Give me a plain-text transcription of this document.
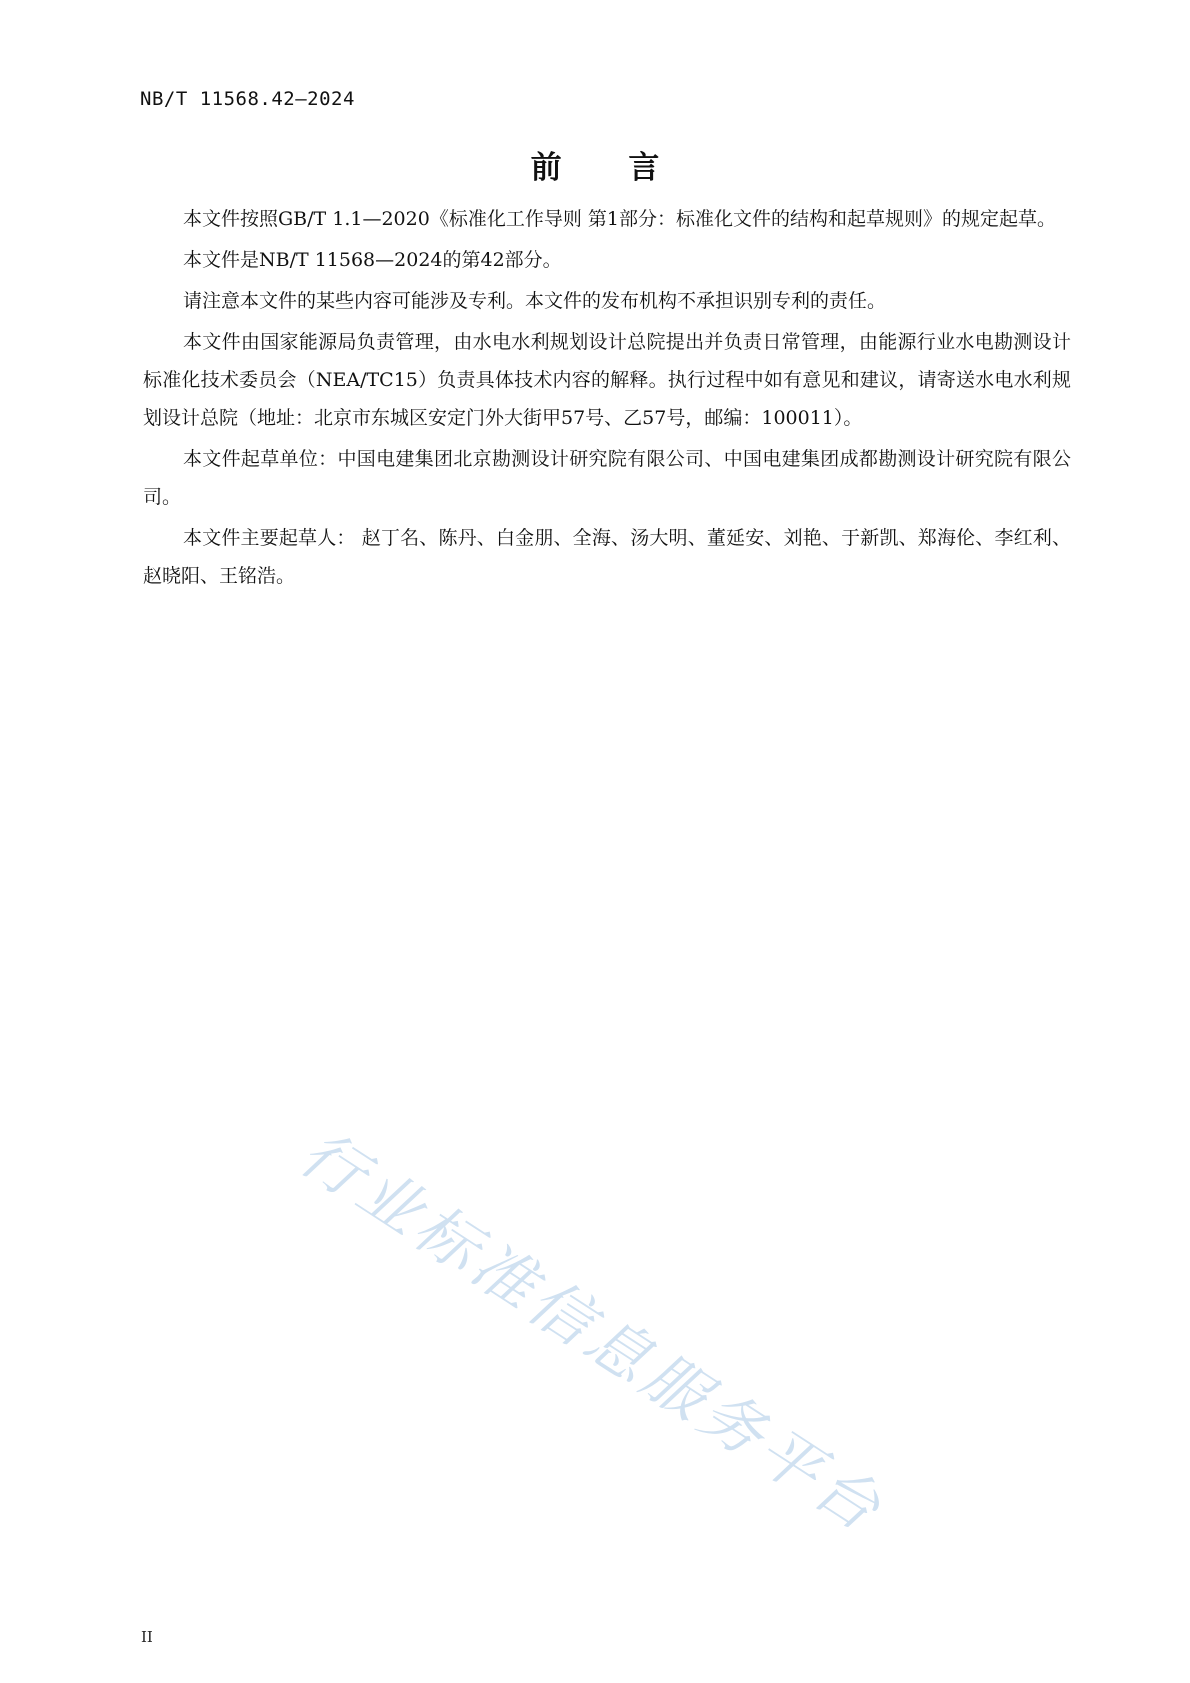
NB/T 11568.42—2024
前 言

本文件按照GB/T 1.1—2020《标准化工作导则 第1部分：标准化文件的结构和起草规则》的规定起草。

本文件是NB/T 11568—2024的第42部分。

请注意本文件的某些内容可能涉及专利。本文件的发布机构不承担识别专利的责任。

本文件由国家能源局负责管理，由水电水利规划设计总院提出并负责日常管理，由能源行业水电勘测设计标准化技术委员会（NEA/TC15）负责具体技术内容的解释。执行过程中如有意见和建议，请寄送水电水利规划设计总院（地址：北京市东城区安定门外大街甲57号、乙57号，邮编：100011）。

本文件起草单位：中国电建集团北京勘测设计研究院有限公司、中国电建集团成都勘测设计研究院有限公司。

本文件主要起草人： 赵丁名、陈丹、白金朋、全海、汤大明、董延安、刘艳、于新凯、郑海伦、李红利、赵晓阳、王铭浩。

行业标准信息服务平台
II
